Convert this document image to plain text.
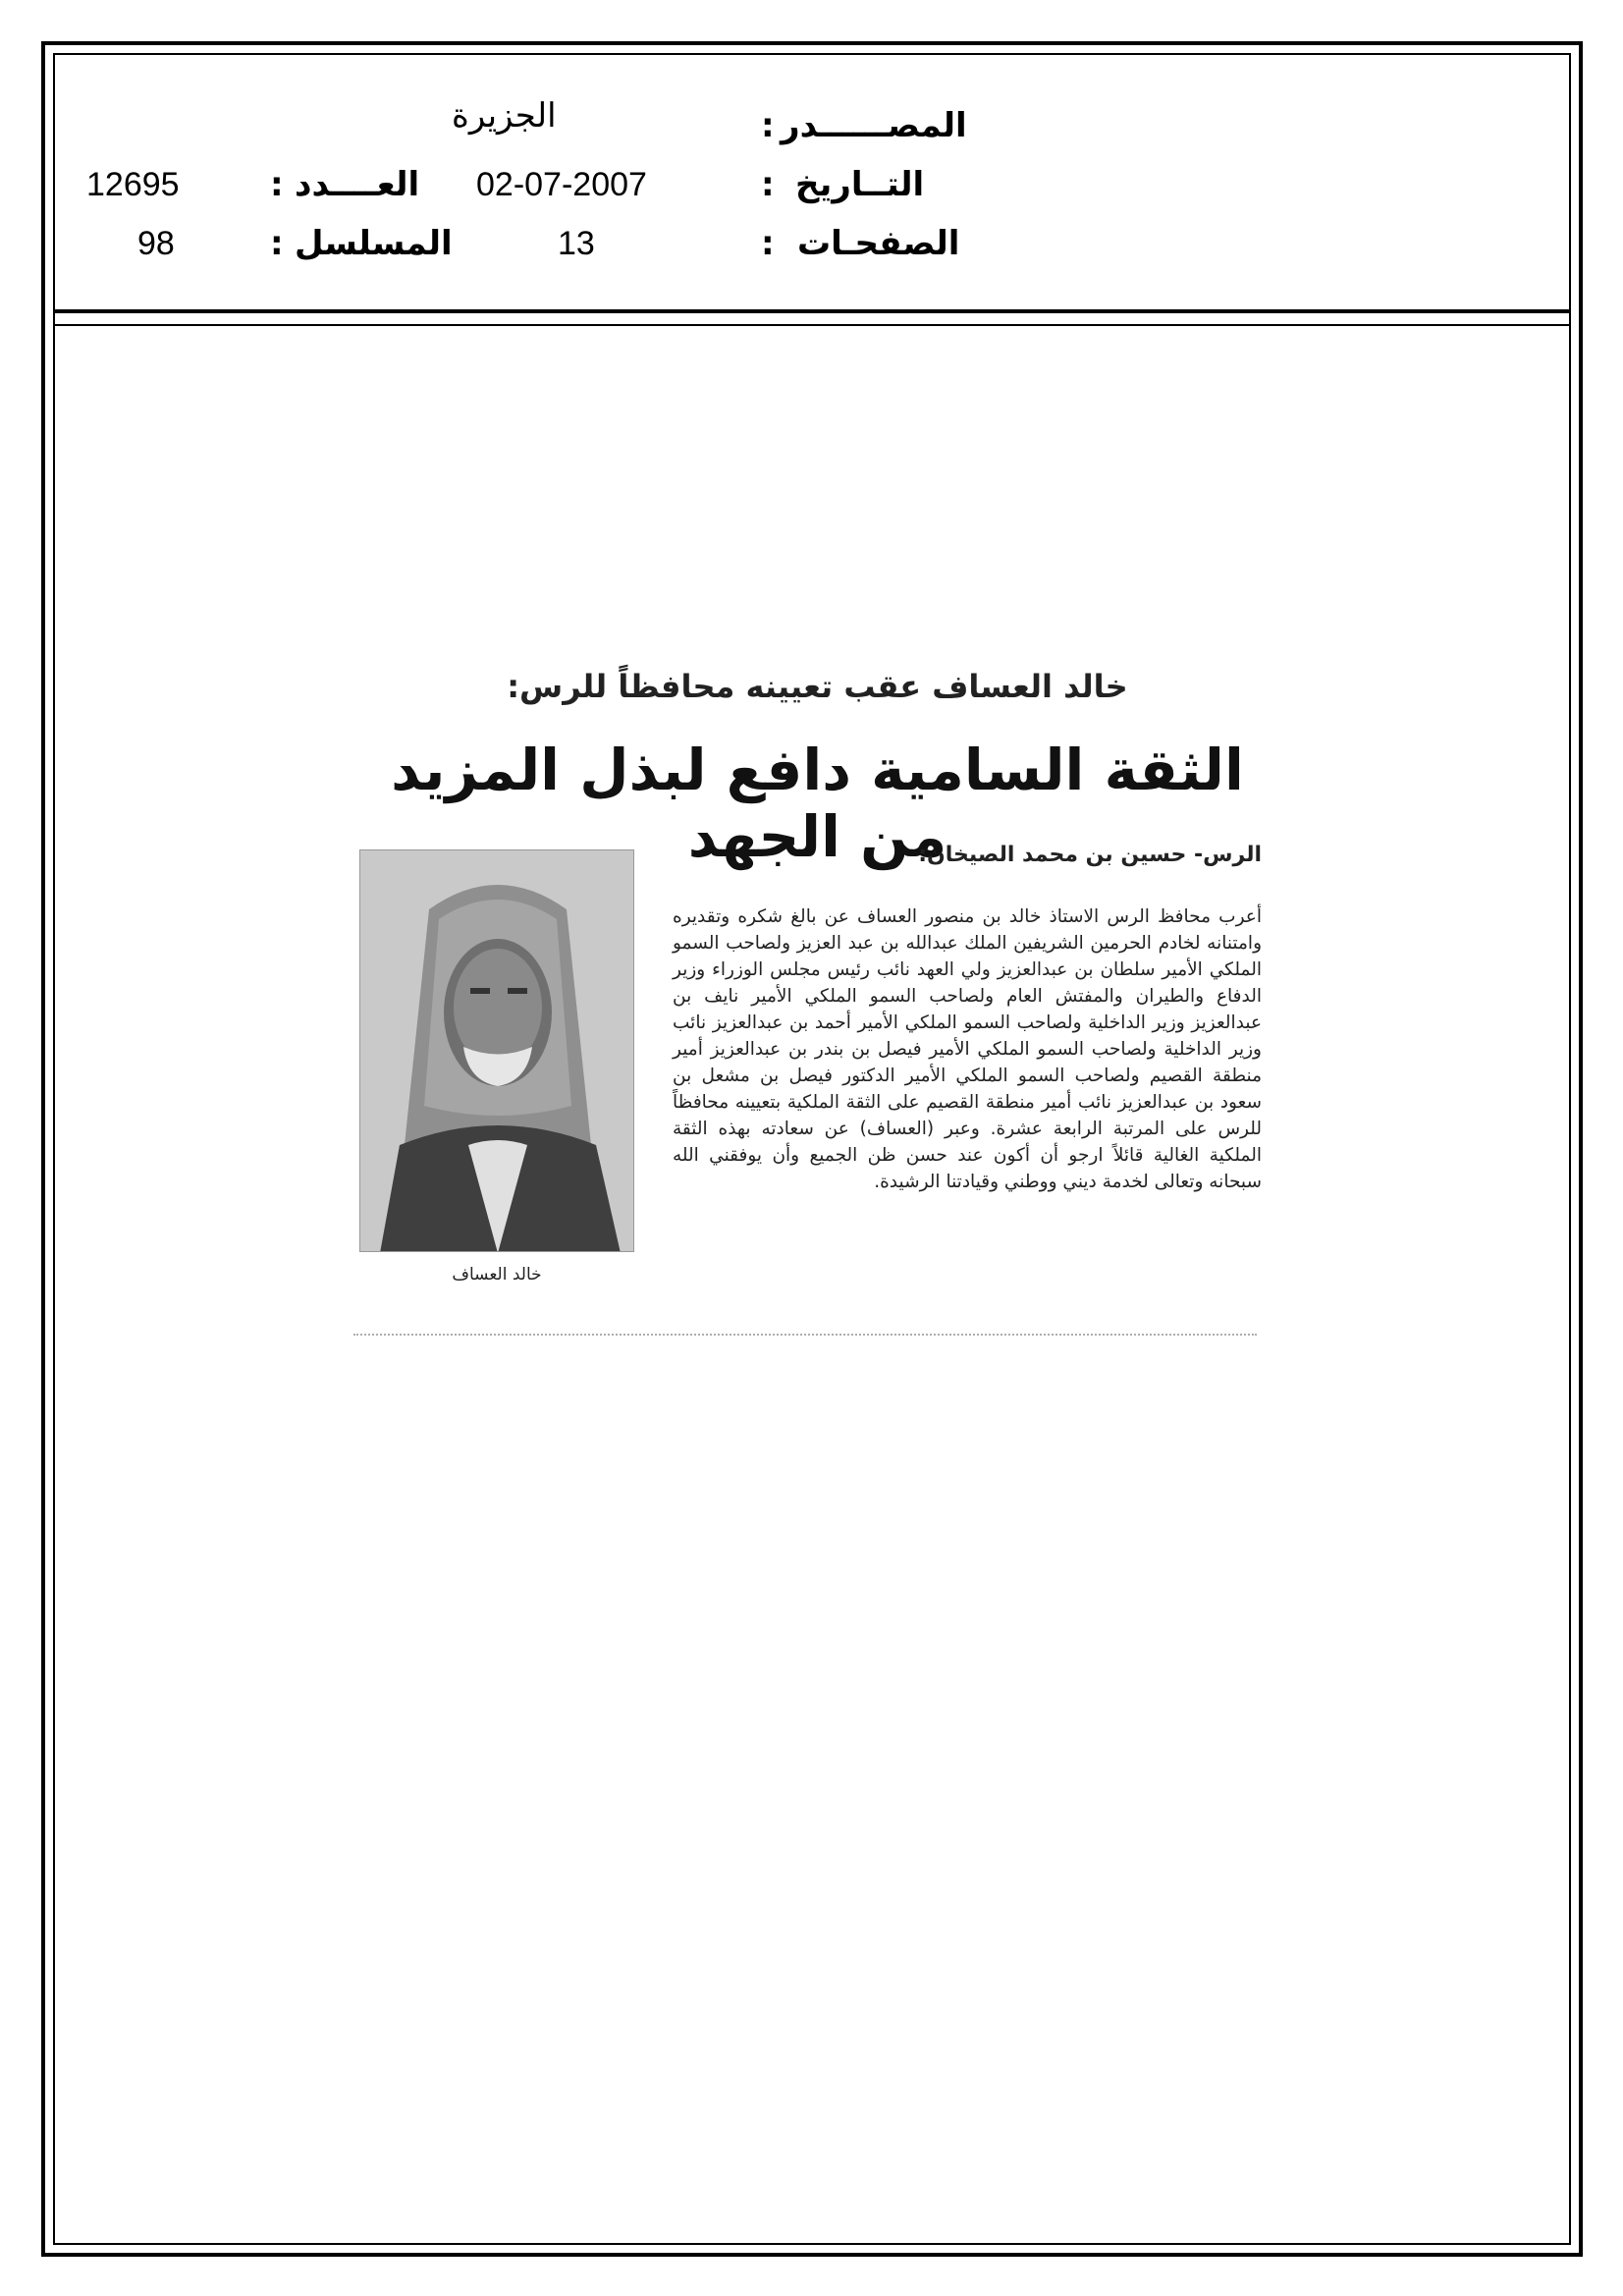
المصــــــدر
:
الجزيرة
التــاريخ
:
02-07-2007
الصفحـات
:
13
العــــدد
:
12695
المسلسل
:
98
خالد العساف عقب تعيينه محافظاً للرس:
الثقة السامية دافع لبذل المزيد من الجهد
الرس- حسين بن محمد الصيخان:
أعرب محافظ الرس الاستاذ خالد بن منصور العساف عن بالغ شكره وتقديره وامتنانه لخادم الحرمين الشريفين الملك عبدالله بن عبد العزيز ولصاحب السمو الملكي الأمير سلطان بن عبدالعزيز ولي العهد نائب رئيس مجلس الوزراء وزير الدفاع والطيران والمفتش العام ولصاحب السمو الملكي الأمير نايف بن عبدالعزيز وزير الداخلية ولصاحب السمو الملكي الأمير أحمد بن عبدالعزيز نائب وزير الداخلية ولصاحب السمو الملكي الأمير فيصل بن بندر بن عبدالعزيز أمير منطقة القصيم ولصاحب السمو الملكي الأمير الدكتور فيصل بن مشعل بن سعود بن عبدالعزيز نائب أمير منطقة القصيم على الثقة الملكية بتعيينه محافظاً للرس على المرتبة الرابعة عشرة. وعبر (العساف) عن سعادته بهذه الثقة الملكية الغالية قائلاً ارجو أن أكون عند حسن ظن الجميع وأن يوفقني الله سبحانه وتعالى لخدمة ديني ووطني وقيادتنا الرشيدة.
خالد العساف
